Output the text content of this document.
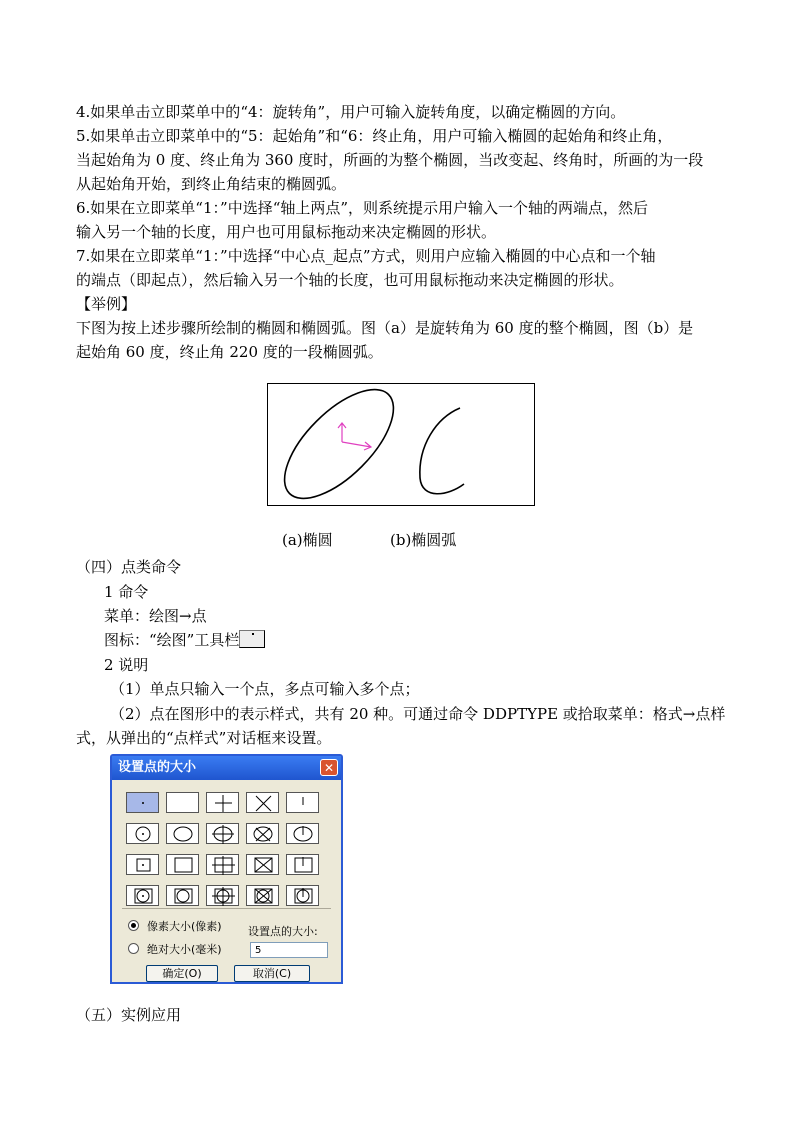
4.如果单击立即菜单中的“4：旋转角”，用户可输入旋转角度，以确定椭圆的方向。
5.如果单击立即菜单中的“5：起始角”和“6：终止角，用户可输入椭圆的起始角和终止角，
当起始角为 0 度、终止角为 360 度时，所画的为整个椭圆，当改变起、终角时，所画的为一段
从起始角开始，到终止角结束的椭圆弧。
6.如果在立即菜单“1：”中选择“轴上两点”，则系统提示用户输入一个轴的两端点，然后
输入另一个轴的长度，用户也可用鼠标拖动来决定椭圆的形状。
7.如果在立即菜单“1：”中选择“中心点_起点”方式，则用户应输入椭圆的中心点和一个轴
的端点（即起点），然后输入另一个轴的长度，也可用鼠标拖动来决定椭圆的形状。
【举例】
下图为按上述步骤所绘制的椭圆和椭圆弧。图（a）是旋转角为 60 度的整个椭圆，图（b）是
起始角 60 度，终止角 220 度的一段椭圆弧。
(a)椭圆	(b)椭圆弧
（四）点类命令
1 命令
菜单：绘图→点
图标：“绘图”工具栏
2 说明
（1）单点只输入一个点，多点可输入多个点；
（2）点在图形中的表示样式，共有 20 种。可通过命令 DDPTYPE 或拾取菜单：格式→点样
式，从弹出的“点样式”对话框来设置。
设置点的大小	✕
像素大小(像素) 设置点的大小:
绝对大小(毫米)	5
确定(O)	取消(C)
（五）实例应用
